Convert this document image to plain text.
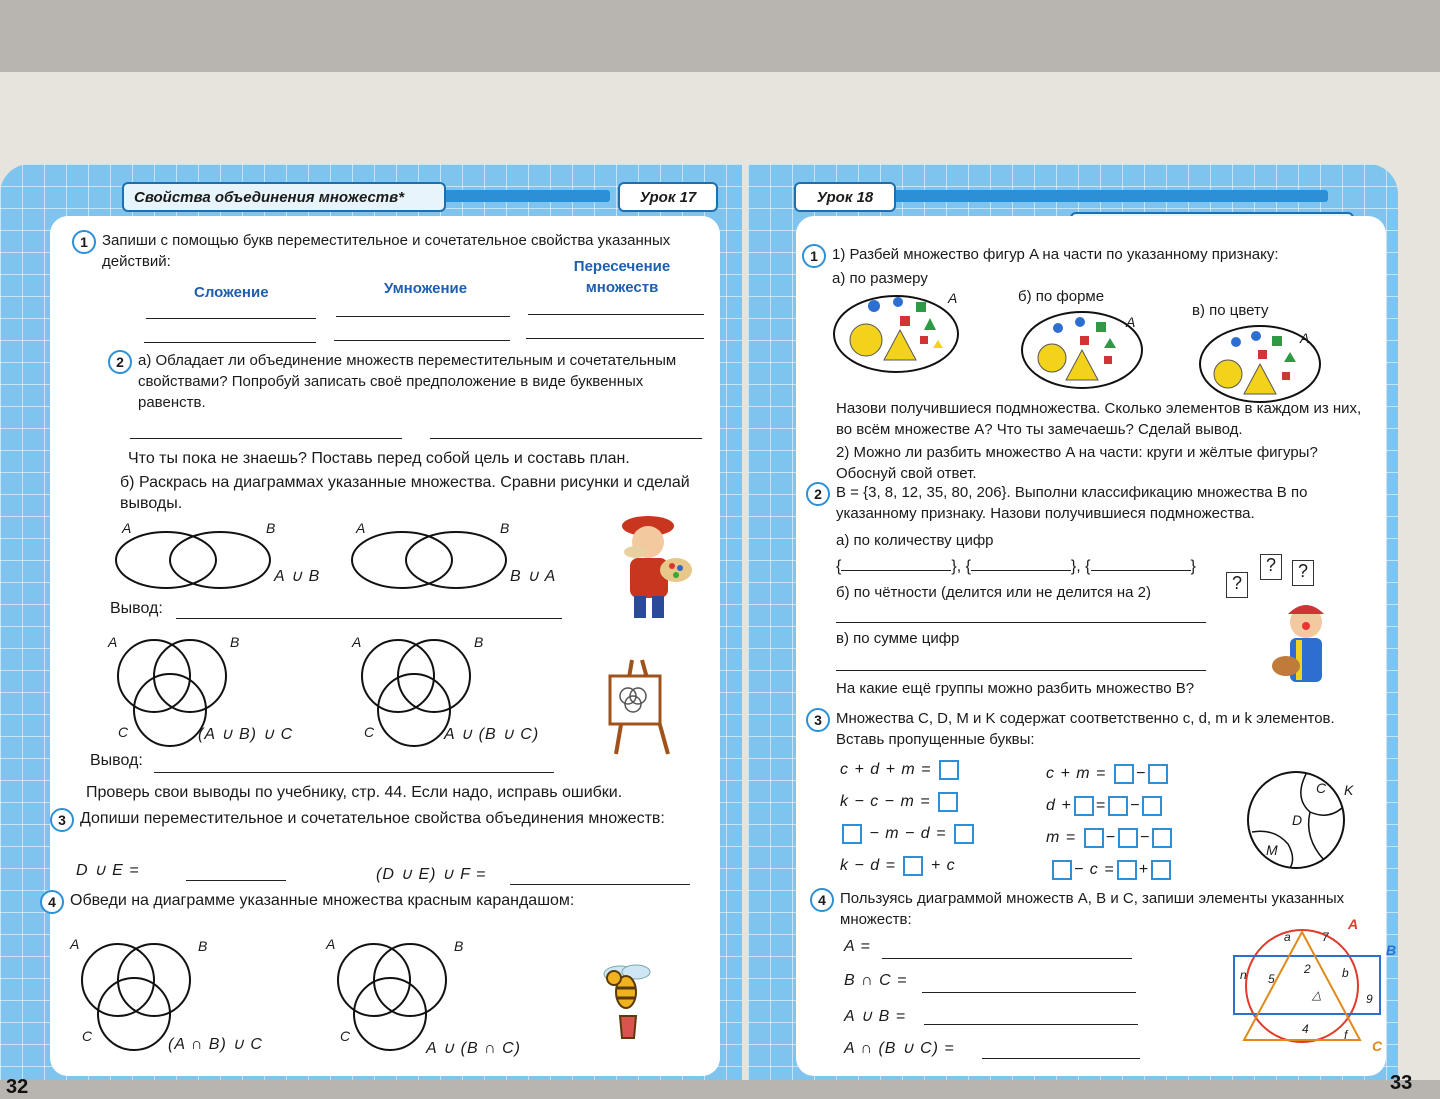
Свойства объединения множеств*	Урок 17
1 Запиши с помощью букв переместительное и сочетательное свойства указанных действий:
Сложение	Умножение
Пересечение множеств
2 а) Обладает ли объединение множеств переместительным и сочетательным свойствами? Попробуй записать своё предположение в виде буквенных равенств.
Что ты пока не знаешь? Поставь перед собой цель и составь план.
б) Раскрась на диаграммах указанные множества. Сравни рисунки и сделай выводы.
A	B
A ∪ B
A	B
B ∪ A
Вывод:
A	B
C	(A ∪ B) ∪ C
A	B
C	A ∪ (B ∪ C)
Вывод:
Проверь свои выводы по учебнику, стр. 44. Если надо, исправь ошибки.
3 Допиши переместительное и сочетательное свойства объединения множеств:
D ∪ E =	(D ∪ E) ∪ F =
4 Обведи на диаграмме указанные множества красным карандашом:
A	B
C	(A ∩ B) ∪ C
A	B
C
A ∪ (B ∩ C)
32
Урок 18
1 1) Разбей множество фигур A на части по указанному признаку:
а) по размеру
б) по форме
в) по цвету
A
A
A
Назови получившиеся подмножества. Сколько элементов в каждом из них, во всём множестве A? Что ты замечаешь? Сделай вывод.
2) Можно ли разбить множество A на части: круги и жёлтые фигуры? Обоснуй свой ответ.
2 B = {3, 8, 12, 35, 80, 206}. Выполни классификацию множества B по указанному признаку. Назови получившиеся подмножества.
а) по количеству цифр
{	}, {	}, {	}
б) по чётности (делится или не делится на 2)
в) по сумме цифр
На какие ещё группы можно разбить множество B?
?
?	?
3 Множества C, D, M и K содержат соответственно c, d, m и k элементов. Вставь пропущенные буквы:
c + d + m =
k − c − m =
− m − d =
k − d = + c
c + m = −
d + = −
m = − −
− c = +
C K
D
M
4 Пользуясь диаграммой множеств A, B и C, запиши элементы указанных множеств:
A =
B ∩ C =
A ∪ B =
A ∩ (B ∪ C) =
A
B
C
a	7
n 5
2	b
9
△
4	f
33
